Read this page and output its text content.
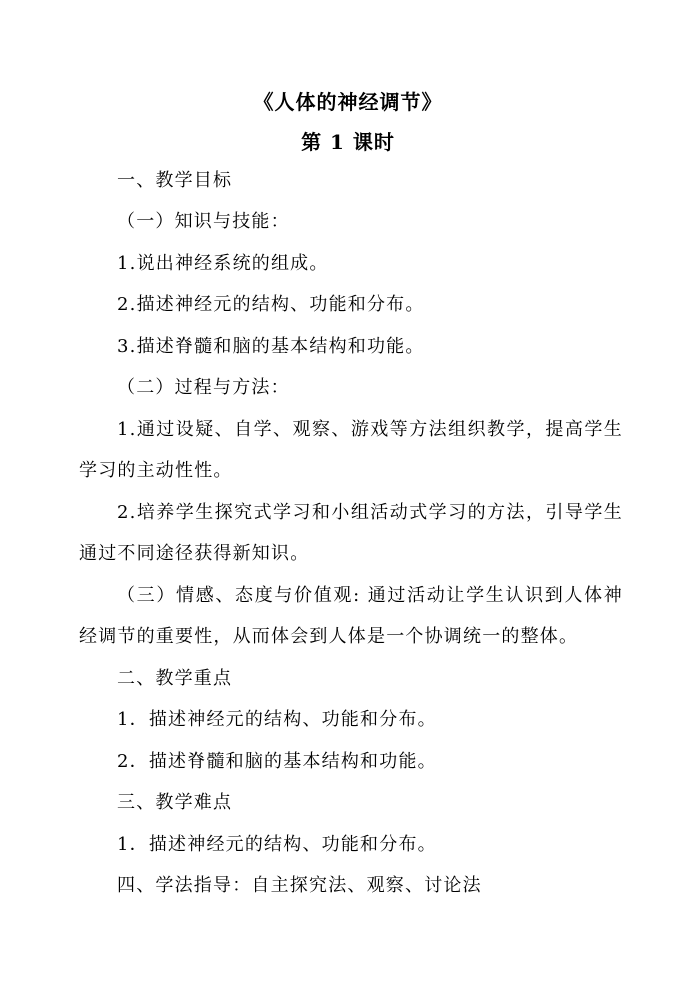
《人体的神经调节》
第 1 课时

一、教学目标

（一）知识与技能：

1.说出神经系统的组成。

2.描述神经元的结构、功能和分布。

3.描述脊髓和脑的基本结构和功能。

（二）过程与方法：

1.通过设疑、自学、观察、游戏等方法组织教学，提高学生学习的主动性性。

2.培养学生探究式学习和小组活动式学习的方法，引导学生通过不同途径获得新知识。

（三）情感、态度与价值观: 通过活动让学生认识到人体神经调节的重要性，从而体会到人体是一个协调统一的整体。

二、教学重点

1．描述神经元的结构、功能和分布。

2．描述脊髓和脑的基本结构和功能。

三、教学难点

1．描述神经元的结构、功能和分布。

四、学法指导：自主探究法、观察、讨论法
